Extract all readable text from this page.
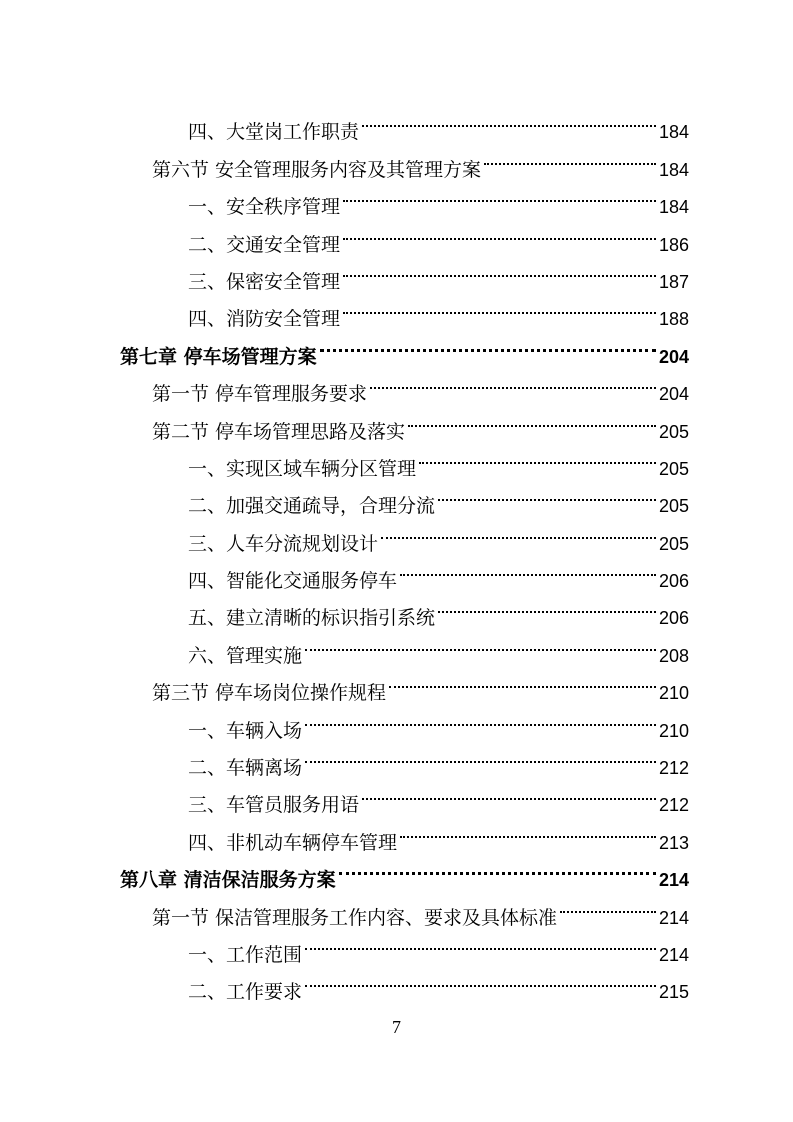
四、大堂岗工作职责	184
第六节 安全管理服务内容及其管理方案	184
一、安全秩序管理	184
二、交通安全管理	186
三、保密安全管理	187
四、消防安全管理	188
第七章 停车场管理方案	204
第一节 停车管理服务要求	204
第二节 停车场管理思路及落实	205
一、实现区域车辆分区管理	205
二、加强交通疏导，合理分流	205
三、人车分流规划设计	205
四、智能化交通服务停车	206
五、建立清晰的标识指引系统	206
六、管理实施	208
第三节 停车场岗位操作规程	210
一、车辆入场	210
二、车辆离场	212
三、车管员服务用语	212
四、非机动车辆停车管理	213
第八章 清洁保洁服务方案	214
第一节 保洁管理服务工作内容、要求及具体标准	214
一、工作范围	214
二、工作要求	215
7
